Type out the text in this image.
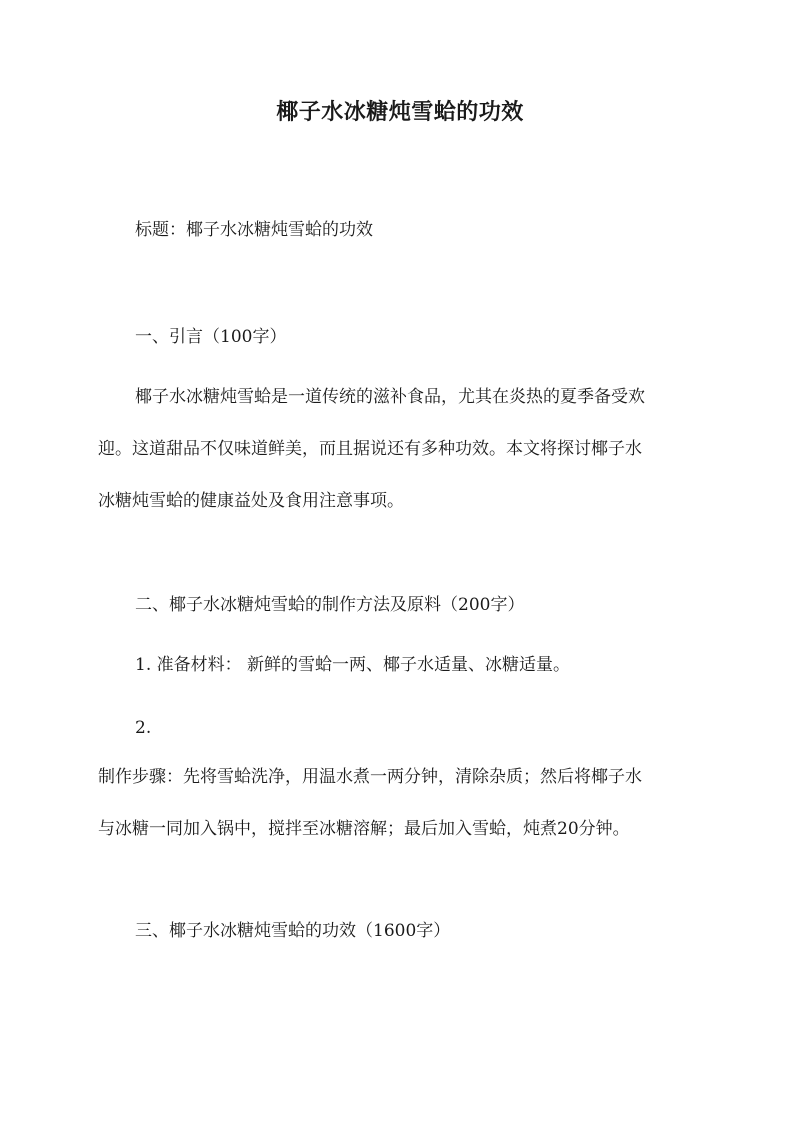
椰子水冰糖炖雪蛤的功效
标题：椰子水冰糖炖雪蛤的功效
一、引言（100字）
椰子水冰糖炖雪蛤是一道传统的滋补食品，尤其在炎热的夏季备受欢
迎。这道甜品不仅味道鲜美，而且据说还有多种功效。本文将探讨椰子水
冰糖炖雪蛤的健康益处及食用注意事项。
二、椰子水冰糖炖雪蛤的制作方法及原料（200字）
1. 准备材料： 新鲜的雪蛤一两、椰子水适量、冰糖适量。
2.
制作步骤：先将雪蛤洗净，用温水煮一两分钟，清除杂质；然后将椰子水
与冰糖一同加入锅中，搅拌至冰糖溶解；最后加入雪蛤，炖煮20分钟。
三、椰子水冰糖炖雪蛤的功效（1600字）
